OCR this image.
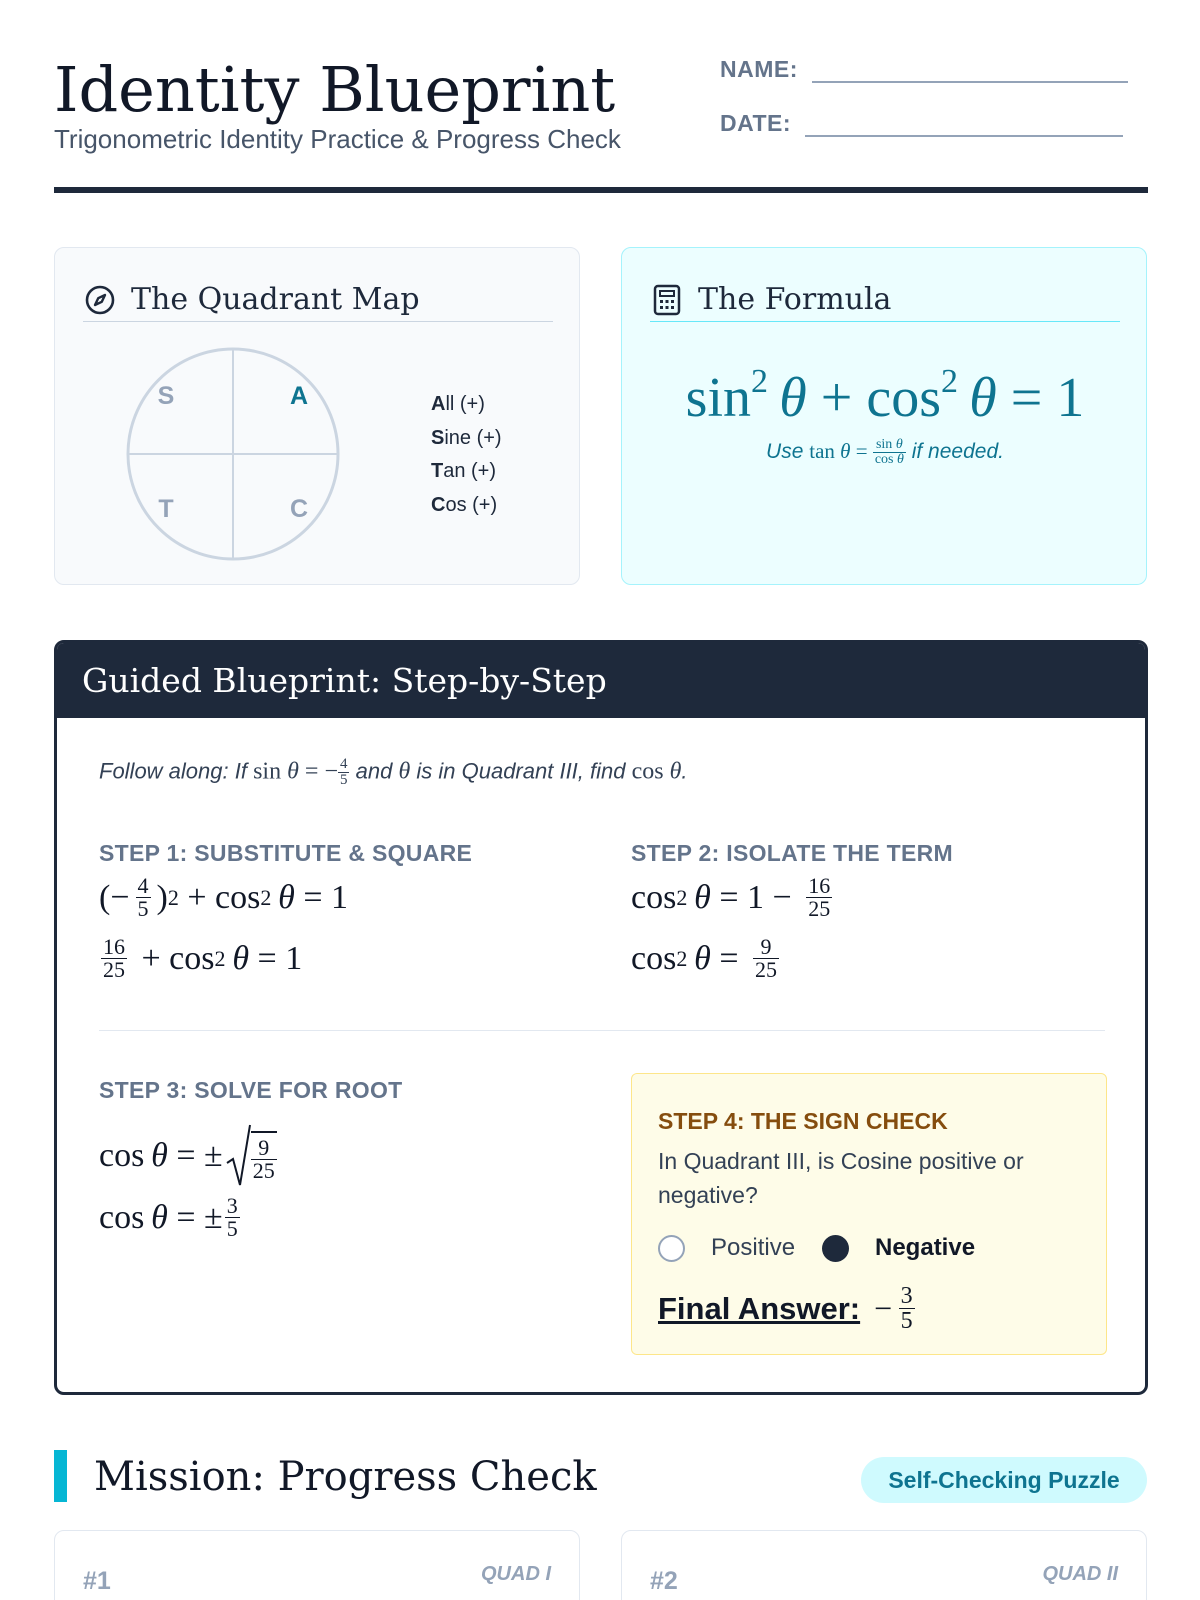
Identity Blueprint
Trigonometric Identity Practice & Progress Check
NAME:
DATE:
The Quadrant Map
S	A
T	C
All (+)
Sine (+)
Tan (+)
Cos (+)
The Formula
$\sin^2 \theta + \cos^2 \theta = 1$
Use $\tan \theta = \frac{\text{sin θ}}{\text{cos θ}}$ if needed.
Guided Blueprint: Step-by-Step
Follow along: If sin θ = − $\frac{4}{5}$ and θ is in Quadrant III, find cos θ.
STEP 1: SUBSTITUTE & SQUARE
(− $\frac{4}{5}$ ) 2 + cos 2
  θ = 1
$\frac{16}{25} + \cos 2$
  θ = 1
STEP 2: ISOLATE THE TERM
cos 2
  $\theta = 1 - \frac{16}{25}$
cos 2
  $\theta = \frac{9}{25}$
STEP 3: SOLVE FOR ROOT
cos  θ = ± $\frac{9}{25}$
cos  θ = ± $\frac{3}{5}$
STEP 4: THE SIGN CHECK
In Quadrant III, is Cosine positive or negative?
Positive	Negative
Final Answer: −  $\frac{3}{5}$
Mission: Progress Check	Self-Checking Puzzle
#1	QUAD I	#2	QUAD II
